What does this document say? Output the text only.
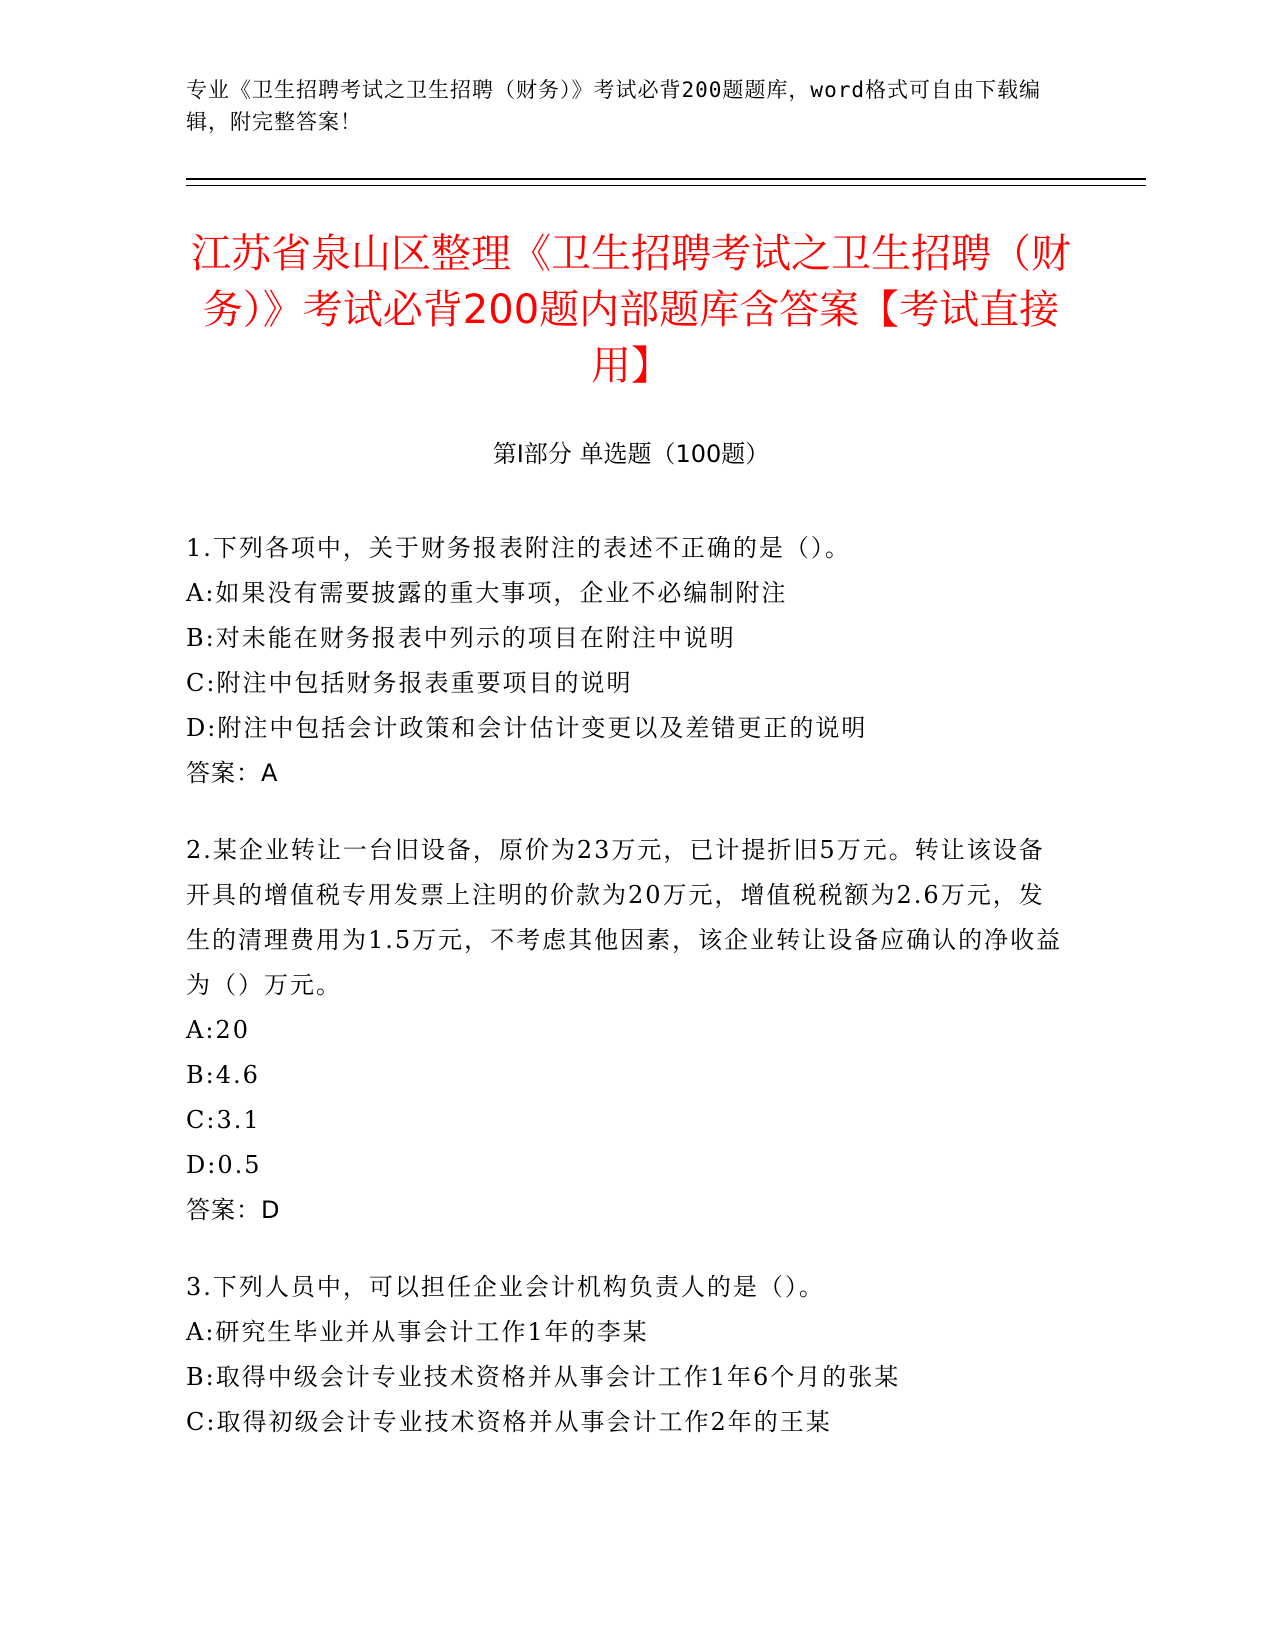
专业《卫生招聘考试之卫生招聘（财务）》考试必背200题题库，word格式可自由下载编辑，附完整答案！
江苏省泉山区整理《卫生招聘考试之卫生招聘（财务）》考试必背200题内部题库含答案【考试直接用】
第I部分 单选题（100题）
1.下列各项中，关于财务报表附注的表述不正确的是（）。
A:如果没有需要披露的重大事项，企业不必编制附注
B:对未能在财务报表中列示的项目在附注中说明
C:附注中包括财务报表重要项目的说明
D:附注中包括会计政策和会计估计变更以及差错更正的说明
答案：A
2.某企业转让一台旧设备，原价为23万元，已计提折旧5万元。转让该设备开具的增值税专用发票上注明的价款为20万元，增值税税额为2.6万元，发生的清理费用为1.5万元，不考虑其他因素，该企业转让设备应确认的净收益为（）万元。
A:20
B:4.6
C:3.1
D:0.5
答案：D
3.下列人员中，可以担任企业会计机构负责人的是（）。
A:研究生毕业并从事会计工作1年的李某
B:取得中级会计专业技术资格并从事会计工作1年6个月的张某
C:取得初级会计专业技术资格并从事会计工作2年的王某
